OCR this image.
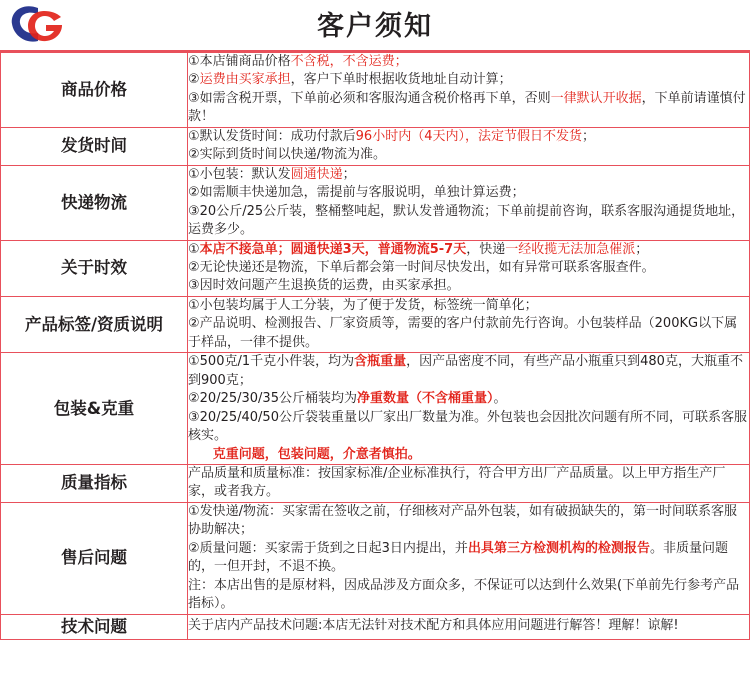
客户须知
商品价格	①本店铺商品价格不含税，不含运费；

②运费由买家承担，客户下单时根据收货地址自动计算；

③如需含税开票，下单前必须和客服沟通含税价格再下单，否则一律默认开收据，下单前请谨慎付款！

发货时间	①默认发货时间：成功付款后96小时内（4天内），法定节假日不发货；

②实际到货时间以快递/物流为准。

快递物流	①小包装：默认发圆通快递；

②如需顺丰快递加急，需提前与客服说明，单独计算运费；

③20公斤/25公斤装，整桶整吨起，默认发普通物流；下单前提前咨询，联系客服沟通提货地址，运费多少。

关于时效	①本店不接急单；圆通快递3天，普通物流5-7天，快递一经收揽无法加急催派；

②无论快递还是物流，下单后都会第一时间尽快发出，如有异常可联系客服查件。

③因时效问题产生退换货的运费，由买家承担。

产品标签/资质说明	①小包装均属于人工分装，为了便于发货，标签统一简单化；

②产品说明、检测报告、厂家资质等，需要的客户付款前先行咨询。小包装样品（200KG以下属于样品，一律不提供。

包装&克重	①500克/1千克小件装，均为含瓶重量，因产品密度不同，有些产品小瓶重只到480克，大瓶重不到900克；

②20/25/30/35公斤桶装均为净重数量（不含桶重量）。

③20/25/40/50公斤袋装重量以厂家出厂数量为准。外包装也会因批次问题有所不同，可联系客服核实。

克重问题，包装问题，介意者慎拍。

质量指标	产品质量和质量标准：按国家标准/企业标准执行，符合甲方出厂产品质量。以上甲方指生产厂家，或者我方。

售后问题	①发快递/物流：买家需在签收之前，仔细核对产品外包装，如有破损缺失的，第一时间联系客服协助解决；

②质量问题：买家需于货到之日起3日内提出，并出具第三方检测机构的检测报告。非质量问题的，一但开封，不退不换。

注：本店出售的是原材料，因成品涉及方面众多，不保证可以达到什么效果(下单前先行参考产品指标）。

技术问题	关于店内产品技术问题:本店无法针对技术配方和具体应用问题进行解答！理解！谅解!
